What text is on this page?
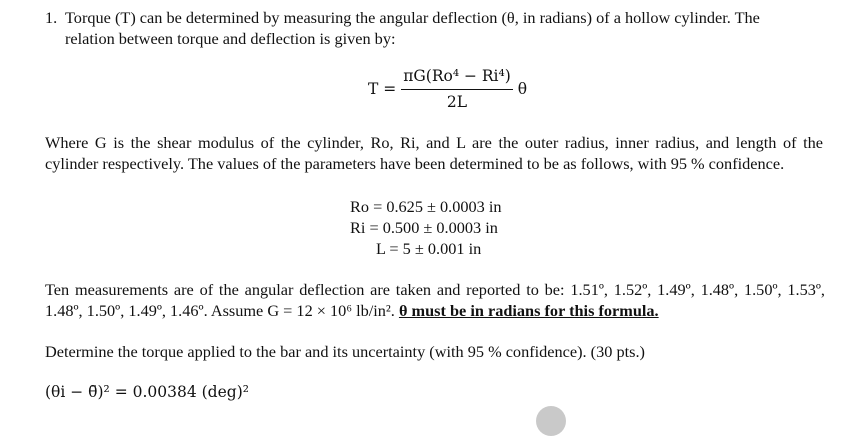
1. Torque (T) can be determined by measuring the angular deflection (θ, in radians) of a hollow cylinder. The
relation between torque and deflection is given by:
$T = \frac{\text{πG(Ro⁴ − Ri⁴)}}{2L}$ θ
Where G is the shear modulus of the cylinder, Ro, Ri, and L are the outer radius, inner radius, and length of the cylinder respectively. The values of the parameters have been determined to be as follows, with 95 % confidence.
Ro = 0.625 ± 0.0003 in
Ri = 0.500 ± 0.0003 in
L = 5 ± 0.001 in
Ten measurements are of the angular deflection are taken and reported to be: 1.51º, 1.52º, 1.49º, 1.48º, 1.50º, 1.53º, 1.48º, 1.50º, 1.49º, 1.46º. Assume G = 12 × 10⁶ lb/in². θ must be in radians for this formula.
Determine the torque applied to the bar and its uncertainty (with 95 % confidence). (30 pts.)
(θi − θ̄)² = 0.00384 (deg)²
